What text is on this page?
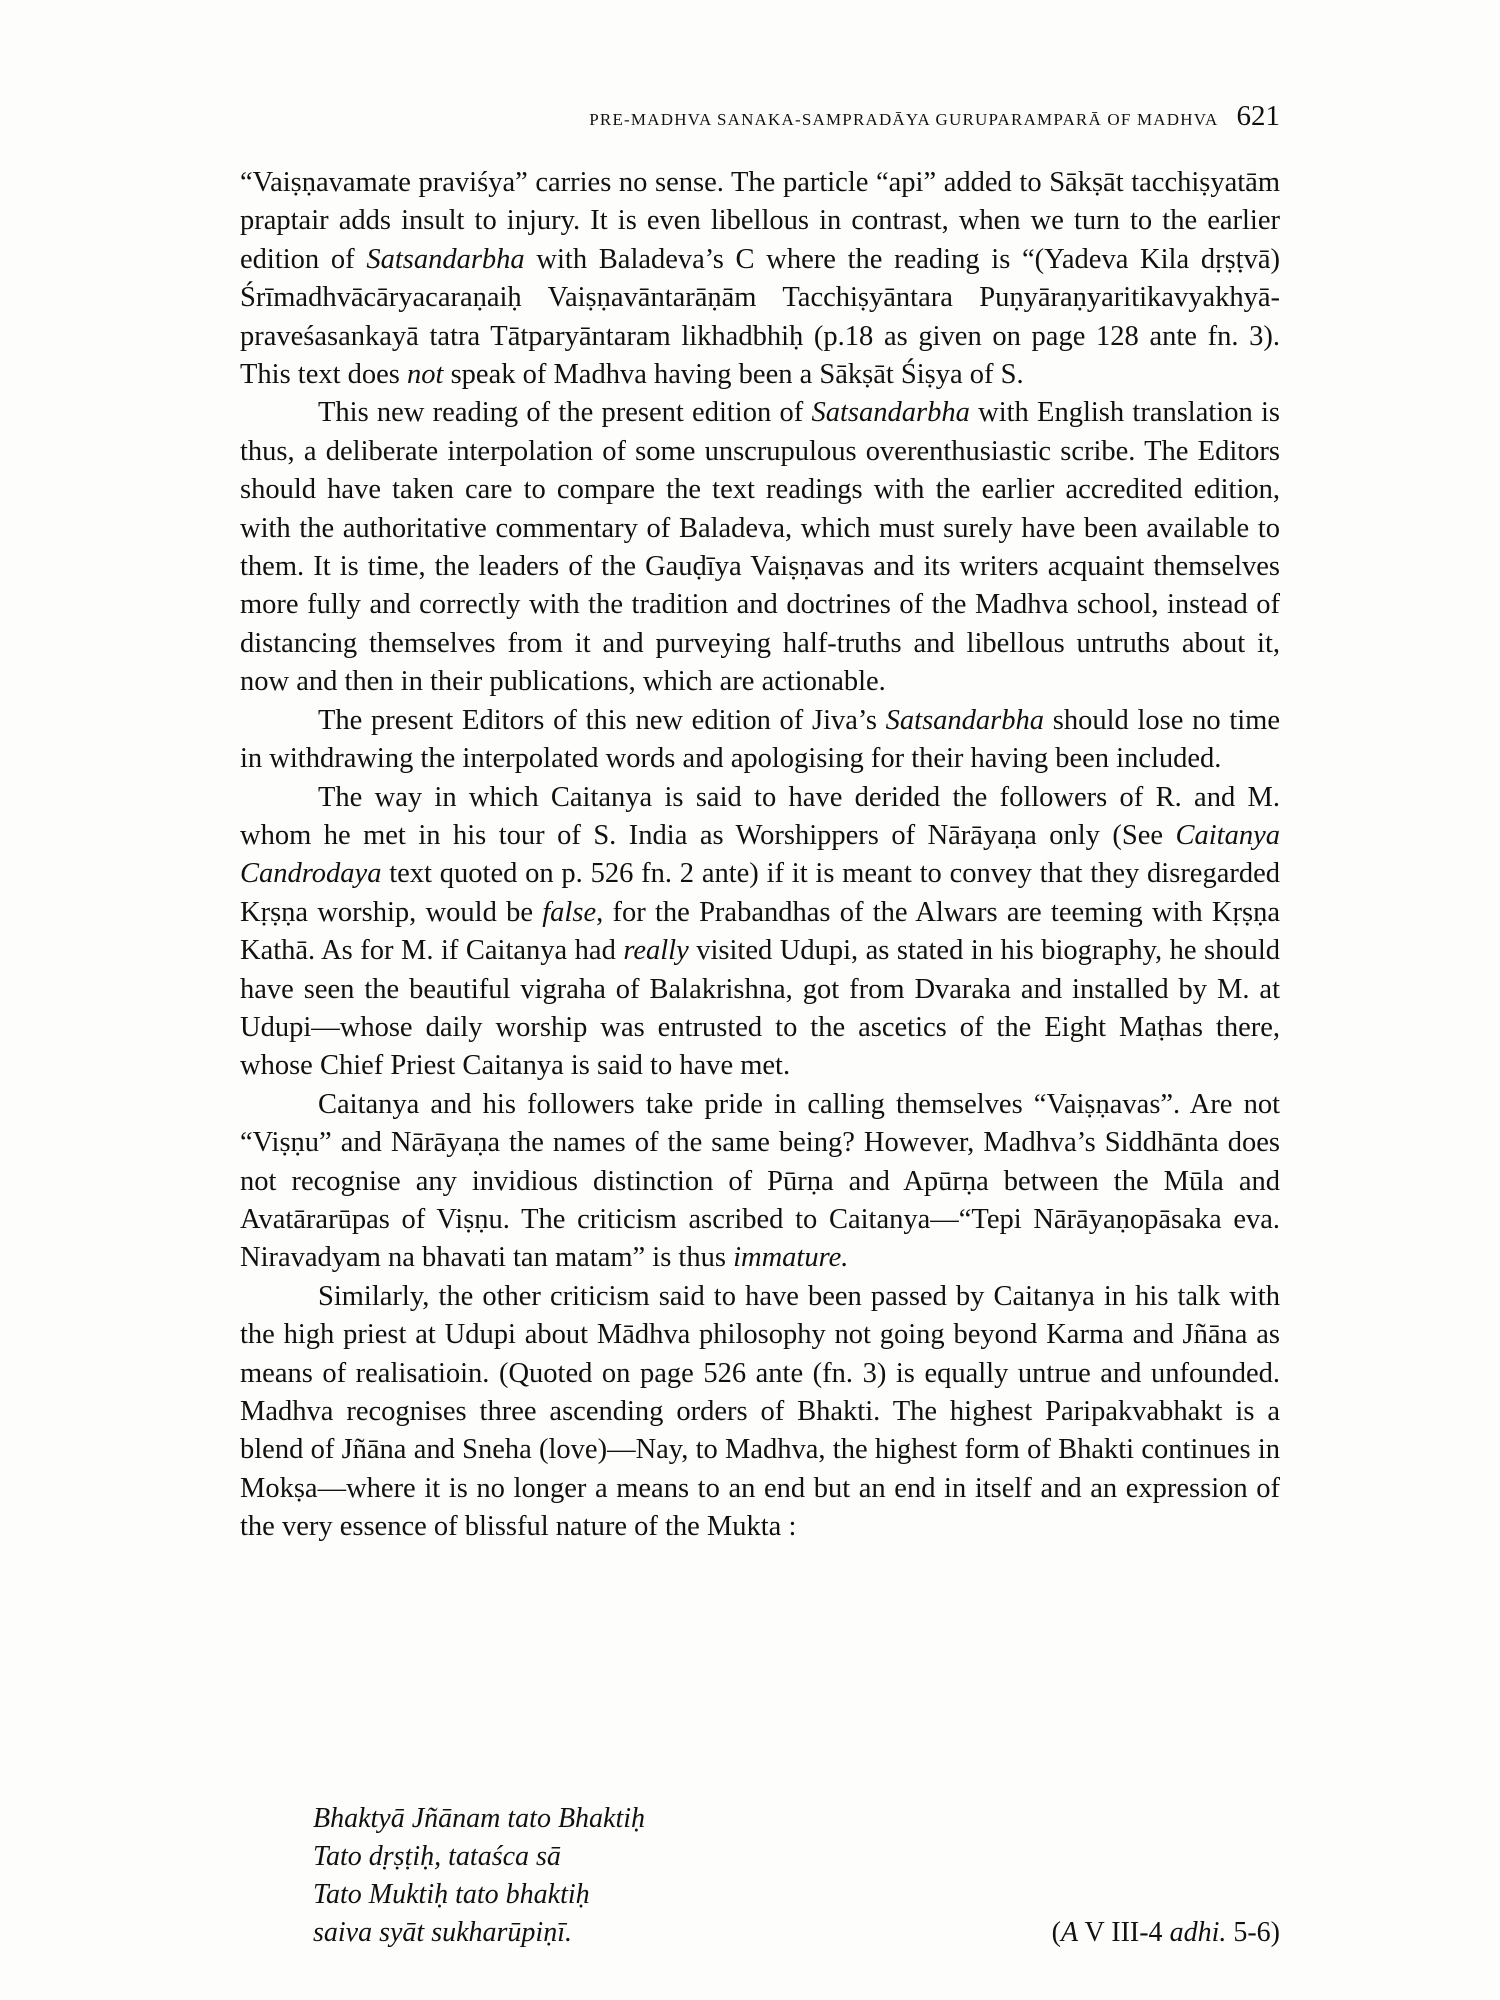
PRE-MADHVA SANAKA-SAMPRADĀYA GURUPARAMPARĀ OF MADHVA 621

“Vaiṣṇavamate praviśya” carries no sense. The particle “api” added to Sākṣāt tacchiṣyatām praptair adds insult to injury. It is even libellous in contrast, when we turn to the earlier edition of Satsandarbha with Baladeva’s C where the reading is “(Yadeva Kila dṛṣṭvā) Śrīmadhvācāryacaraṇaiḥ Vaiṣṇavāntarāṇām Tacchiṣyāntara Puṇyāraṇyaritikavyakhyā-praveśasankayā tatra Tātparyāntaram likhadbhiḥ (p.18 as given on page 128 ante fn. 3). This text does not speak of Madhva having been a Sākṣāt Śiṣya of S.

This new reading of the present edition of Satsandarbha with English translation is thus, a deliberate interpolation of some unscrupulous overenthusiastic scribe. The Editors should have taken care to compare the text readings with the earlier accredited edition, with the authoritative commentary of Baladeva, which must surely have been available to them. It is time, the leaders of the Gauḍīya Vaiṣṇavas and its writers acquaint themselves more fully and correctly with the tradition and doctrines of the Madhva school, instead of distancing themselves from it and purveying half-truths and libellous untruths about it, now and then in their publications, which are actionable.

The present Editors of this new edition of Jiva’s Satsandarbha should lose no time in withdrawing the interpolated words and apologising for their having been included.

The way in which Caitanya is said to have derided the followers of R. and M. whom he met in his tour of S. India as Worshippers of Nārāyaṇa only (See Caitanya Candrodaya text quoted on p. 526 fn. 2 ante) if it is meant to convey that they disregarded Kṛṣṇa worship, would be false, for the Prabandhas of the Alwars are teeming with Kṛṣṇa Kathā. As for M. if Caitanya had really visited Udupi, as stated in his biography, he should have seen the beautiful vigraha of Balakrishna, got from Dvaraka and installed by M. at Udupi—whose daily worship was entrusted to the ascetics of the Eight Maṭhas there, whose Chief Priest Caitanya is said to have met.

Caitanya and his followers take pride in calling themselves “Vaiṣṇavas”. Are not “Viṣṇu” and Nārāyaṇa the names of the same being? However, Madhva’s Siddhānta does not recognise any invidious distinction of Pūrṇa and Apūrṇa between the Mūla and Avatārarūpas of Viṣṇu. The criticism ascribed to Caitanya—“Tepi Nārāyaṇopāsaka eva. Niravadyam na bhavati tan matam” is thus immature.

Similarly, the other criticism said to have been passed by Caitanya in his talk with the high priest at Udupi about Mādhva philosophy not going beyond Karma and Jñāna as means of realisatioin. (Quoted on page 526 ante (fn. 3) is equally untrue and unfounded. Madhva recognises three ascending orders of Bhakti. The highest Paripakvabhakt is a blend of Jñāna and Sneha (love)—Nay, to Madhva, the highest form of Bhakti continues in Mokṣa—where it is no longer a means to an end but an end in itself and an expression of the very essence of blissful nature of the Mukta :

Bhaktyā Jñānam tato Bhaktiḥ
Tato dṛṣṭiḥ, tataśca sā
Tato Muktiḥ tato bhaktiḥ
saiva syāt sukharūpiṇī.	(A V III-4 adhi. 5-6)
